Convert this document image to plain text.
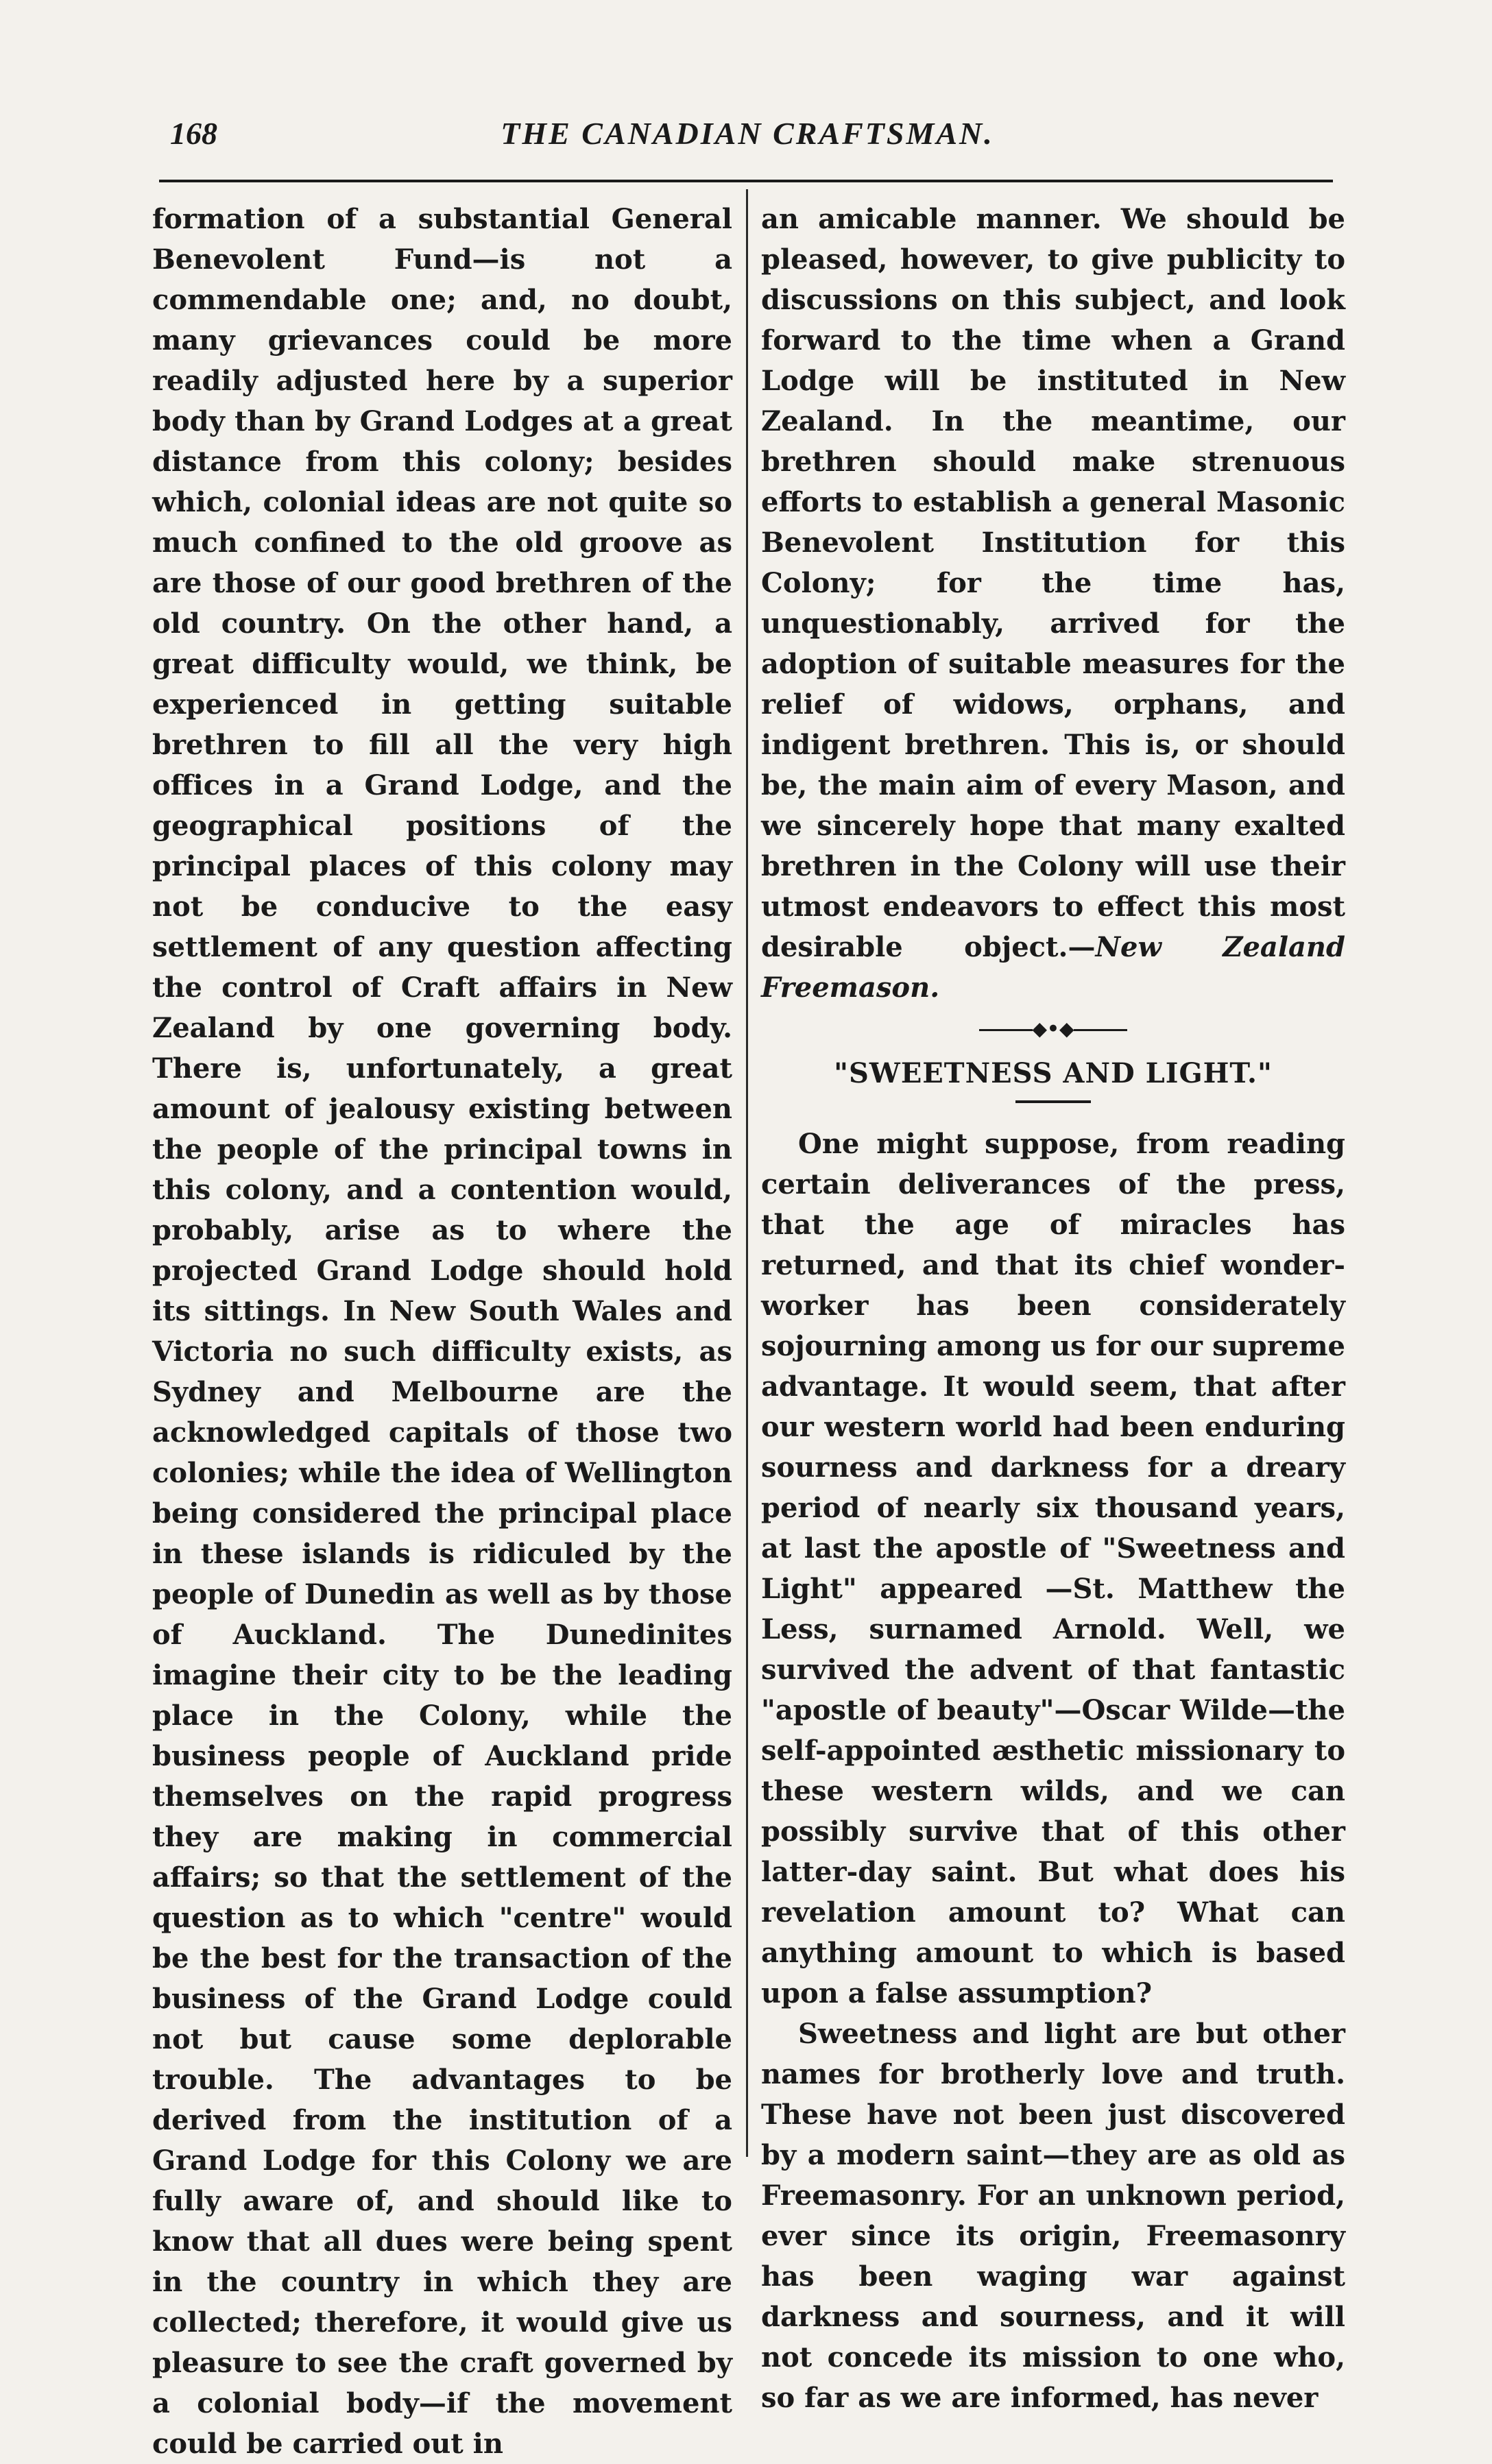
168	THE CANADIAN CRAFTSMAN.

formation of a substantial General Benevolent Fund—is not a commendable one; and, no doubt, many grievances could be more readily adjusted here by a superior body than by Grand Lodges at a great distance from this colony; besides which, colonial ideas are not quite so much confined to the old groove as are those of our good brethren of the old country. On the other hand, a great difficulty would, we think, be experienced in getting suitable brethren to fill all the very high offices in a Grand Lodge, and the geographical positions of the principal places of this colony may not be conducive to the easy settlement of any question affecting the control of Craft affairs in New Zealand by one governing body. There is, unfortunately, a great amount of jealousy existing between the people of the principal towns in this colony, and a contention would, probably, arise as to where the projected Grand Lodge should hold its sittings. In New South Wales and Victoria no such difficulty exists, as Sydney and Melbourne are the acknowledged capitals of those two colonies; while the idea of Wellington being considered the principal place in these islands is ridiculed by the people of Dunedin as well as by those of Auckland. The Dunedinites imagine their city to be the leading place in the Colony, while the business people of Auckland pride themselves on the rapid progress they are making in commercial affairs; so that the settlement of the question as to which "centre" would be the best for the transaction of the business of the Grand Lodge could not but cause some deplorable trouble. The advantages to be derived from the institution of a Grand Lodge for this Colony we are fully aware of, and should like to know that all dues were being spent in the country in which they are collected; therefore, it would give us pleasure to see the craft governed by a colonial body—if the movement could be carried out in

an amicable manner. We should be pleased, however, to give publicity to discussions on this subject, and look forward to the time when a Grand Lodge will be instituted in New Zealand. In the meantime, our brethren should make strenuous efforts to establish a general Masonic Benevolent Institution for this Colony; for the time has, unquestionably, arrived for the adoption of suitable measures for the relief of widows, orphans, and indigent brethren. This is, or should be, the main aim of every Mason, and we sincerely hope that many exalted brethren in the Colony will use their utmost endeavors to effect this most desirable object.—New Zealand Freemason.

◆•◆
"SWEETNESS AND LIGHT."

One might suppose, from reading certain deliverances of the press, that the age of miracles has returned, and that its chief wonder-worker has been considerately sojourning among us for our supreme advantage. It would seem, that after our western world had been enduring sourness and darkness for a dreary period of nearly six thousand years, at last the apostle of "Sweetness and Light" appeared —St. Matthew the Less, surnamed Arnold. Well, we survived the advent of that fantastic "apostle of beauty"—Oscar Wilde—the self-appointed æsthetic missionary to these western wilds, and we can possibly survive that of this other latter-day saint. But what does his revelation amount to? What can anything amount to which is based upon a false assumption?

Sweetness and light are but other names for brotherly love and truth. These have not been just discovered by a modern saint—they are as old as Freemasonry. For an unknown period, ever since its origin, Freemasonry has been waging war against darkness and sourness, and it will not concede its mission to one who, so far as we are informed, has never
